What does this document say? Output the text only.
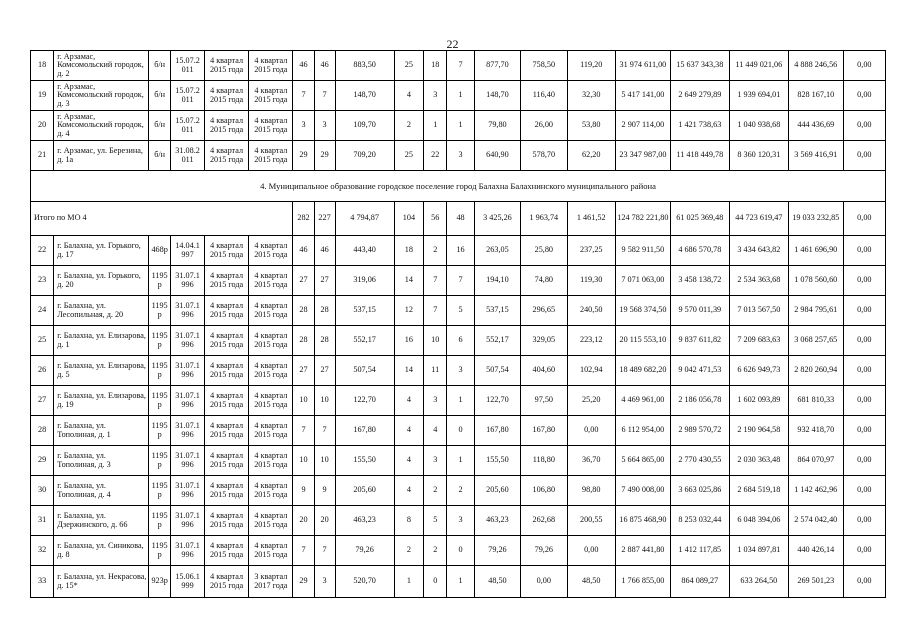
22
18	г. Арзамас, Комсомольский городок, д. 2	б/н	15.07.2 011	4 квартал 2015 года	4 квартал 2015 года	46	46	883,50	25	18	7	877,70	758,50	119,20	31 974 611,00	15 637 343,38	11 449 021,06	4 888 246,56	0,00
19	г. Арзамас, Комсомольский городок, д. 3	б/н	15.07.2 011	4 квартал 2015 года	4 квартал 2015 года	7	7	148,70	4	3	1	148,70	116,40	32,30	5 417 141,00	2 649 279,89	1 939 694,01	828 167,10	0,00
20	г. Арзамас, Комсомольский городок, д. 4	б/н	15.07.2 011	4 квартал 2015 года	4 квартал 2015 года	3	3	109,70	2	1	1	79,80	26,00	53,80	2 907 114,00	1 421 738,63	1 040 938,68	444 436,69	0,00
21	г. Арзамас, ул. Березина, д. 1а	б/н	31.08.2 011	4 квартал 2015 года	4 квартал 2015 года	29	29	709,20	25	22	3	640,90	578,70	62,20	23 347 987,00	11 418 449,78	8 360 120,31	3 569 416,91	0,00
4. Муниципальное образование городское поселение город Балахна Балахнинского муниципального района																			
Итого по МО 4						282	227	4 794,87	104	56	48	3 425,26	1 963,74	1 461,52	124 782 221,80	61 025 369,48	44 723 619,47	19 033 232,85	0,00
22	г. Балахна, ул. Горького, д. 17	468р	14.04.1 997	4 квартал 2015 года	4 квартал 2015 года	46	46	443,40	18	2	16	263,05	25,80	237,25	9 582 911,50	4 686 570,78	3 434 643,82	1 461 696,90	0,00
23	г. Балахна, ул. Горького, д. 20	1195 р	31.07.1 996	4 квартал 2015 года	4 квартал 2015 года	27	27	319,06	14	7	7	194,10	74,80	119,30	7 071 063,00	3 458 138,72	2 534 363,68	1 078 560,60	0,00
24	г. Балахна, ул. Лесопильная, д. 20	1195 р	31.07.1 996	4 квартал 2015 года	4 квартал 2015 года	28	28	537,15	12	7	5	537,15	296,65	240,50	19 568 374,50	9 570 011,39	7 013 567,50	2 984 795,61	0,00
25	г. Балахна, ул. Елизарова, д. 1	1195 р	31.07.1 996	4 квартал 2015 года	4 квартал 2015 года	28	28	552,17	16	10	6	552,17	329,05	223,12	20 115 553,10	9 837 611,82	7 209 683,63	3 068 257,65	0,00
26	г. Балахна, ул. Елизарова, д. 5	1195 р	31.07.1 996	4 квартал 2015 года	4 квартал 2015 года	27	27	507,54	14	11	3	507,54	404,60	102,94	18 489 682,20	9 042 471,53	6 626 949,73	2 820 260,94	0,00
27	г. Балахна, ул. Елизарова, д. 19	1195 р	31.07.1 996	4 квартал 2015 года	4 квартал 2015 года	10	10	122,70	4	3	1	122,70	97,50	25,20	4 469 961,00	2 186 056,78	1 602 093,89	681 810,33	0,00
28	г. Балахна, ул. Тополиная, д. 1	1195 р	31.07.1 996	4 квартал 2015 года	4 квартал 2015 года	7	7	167,80	4	4	0	167,80	167,80	0,00	6 112 954,00	2 989 570,72	2 190 964,58	932 418,70	0,00
29	г. Балахна, ул. Тополиная, д. 3	1195 р	31.07.1 996	4 квартал 2015 года	4 квартал 2015 года	10	10	155,50	4	3	1	155,50	118,80	36,70	5 664 865,00	2 770 430,55	2 030 363,48	864 070,97	0,00
30	г. Балахна, ул. Тополиная, д. 4	1195 р	31.07.1 996	4 квартал 2015 года	4 квартал 2015 года	9	9	205,60	4	2	2	205,60	106,80	98,80	7 490 008,00	3 663 025,86	2 684 519,18	1 142 462,96	0,00
31	г. Балахна, ул. Дзержинского, д. 66	1195 р	31.07.1 996	4 квартал 2015 года	4 квартал 2015 года	20	20	463,23	8	5	3	463,23	262,68	200,55	16 875 468,90	8 253 032,44	6 048 394,06	2 574 042,40	0,00
32	г. Балахна, ул. Синикова, д. 8	1195 р	31.07.1 996	4 квартал 2015 года	4 квартал 2015 года	7	7	79,26	2	2	0	79,26	79,26	0,00	2 887 441,80	1 412 117,85	1 034 897,81	440 426,14	0,00
33	г. Балахна, ул. Некрасова, д. 15*	923р	15.06.1 999	4 квартал 2015 года	3 квартал 2017 года	29	3	520,70	1	0	1	48,50	0,00	48,50	1 766 855,00	864 089,27	633 264,50	269 501,23	0,00
